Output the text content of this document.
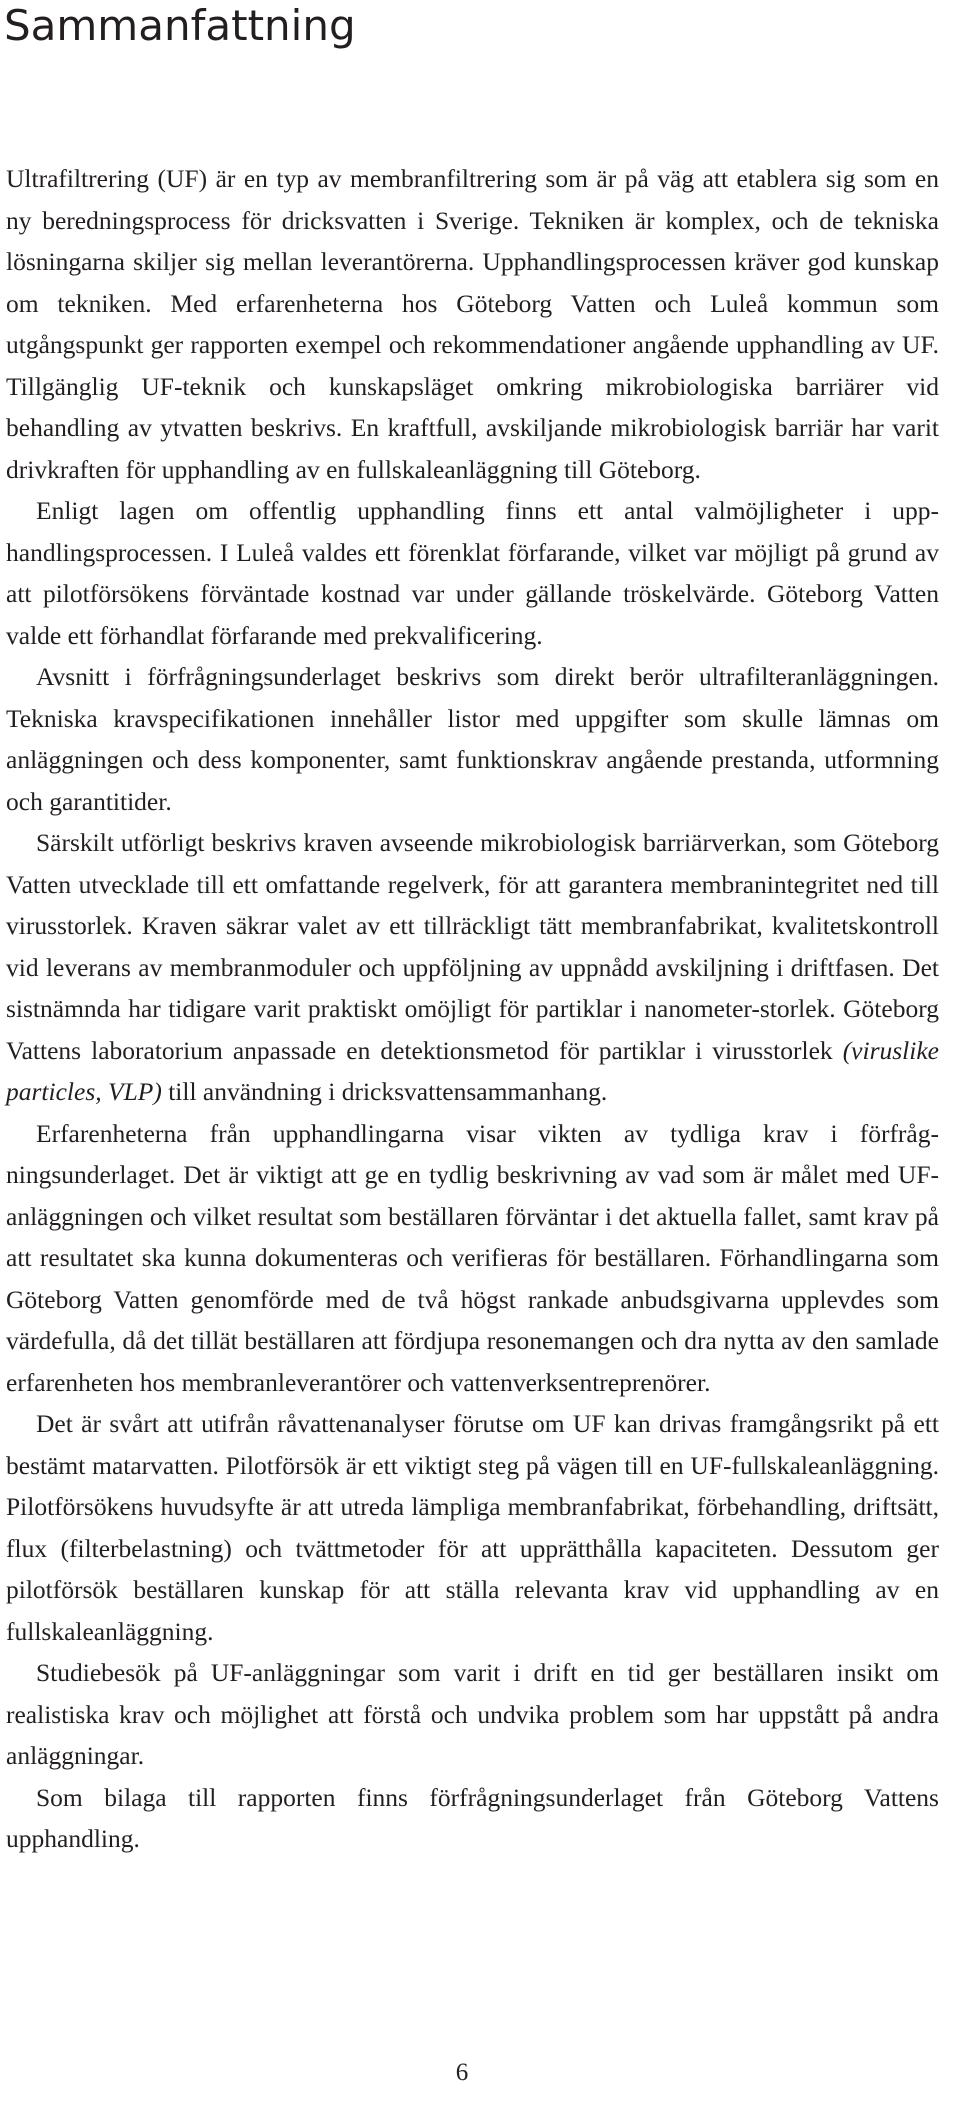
Sammanfattning

Ultrafiltrering (UF) är en typ av membranfiltrering som är på väg att etablera sig som en ny beredningsprocess för dricksvatten i Sverige. Tekniken är komplex, och de tekniska lösningarna skiljer sig mellan leverantörerna. Upphandlingsprocessen kräver god kunskap om tekniken. Med erfarenheterna hos Göteborg Vatten och Luleå kommun som utgångspunkt ger rapporten exempel och rekommendationer angående upphandling av UF. Tillgänglig UF-teknik och kunskapsläget omkring mikrobiologiska barriärer vid behandling av ytvatten beskrivs. En kraftfull, avskiljande mikrobiologisk barriär har varit drivkraften för upphandling av en fullskaleanläggning till Göteborg.

Enligt lagen om offentlig upphandling finns ett antal valmöjligheter i upphandlingsprocessen. I Luleå valdes ett förenklat förfarande, vilket var möjligt på grund av att pilotförsökens förväntade kostnad var under gällande tröskelvärde. Göteborg Vatten valde ett förhandlat förfarande med prekvalificering.

Avsnitt i förfrågningsunderlaget beskrivs som direkt berör ultrafilteranläggningen. Tekniska kravspecifikationen innehåller listor med uppgifter som skulle lämnas om anläggningen och dess komponenter, samt funktionskrav angående prestanda, utformning och garantitider.

Särskilt utförligt beskrivs kraven avseende mikrobiologisk barriärverkan, som Göteborg Vatten utvecklade till ett omfattande regelverk, för att garantera membranintegritet ned till virusstorlek. Kraven säkrar valet av ett tillräckligt tätt membranfabrikat, kvalitetskontroll vid leverans av membranmoduler och uppföljning av uppnådd avskiljning i driftfasen. Det sistnämnda har tidigare varit praktiskt omöjligt för partiklar i nanometer-storlek. Göteborg Vattens laboratorium anpassade en detektionsmetod för partiklar i virusstorlek (viruslike particles, VLP) till användning i dricksvattensammanhang.

Erfarenheterna från upphandlingarna visar vikten av tydliga krav i förfrågningsunderlaget. Det är viktigt att ge en tydlig beskrivning av vad som är målet med UF-anläggningen och vilket resultat som beställaren förväntar i det aktuella fallet, samt krav på att resultatet ska kunna dokumenteras och verifieras för beställaren. Förhandlingarna som Göteborg Vatten genomförde med de två högst rankade anbudsgivarna upplevdes som värdefulla, då det tillät beställaren att fördjupa resonemangen och dra nytta av den samlade erfarenheten hos membranleverantörer och vattenverksentreprenörer.

Det är svårt att utifrån råvattenanalyser förutse om UF kan drivas framgångsrikt på ett bestämt matarvatten. Pilotförsök är ett viktigt steg på vägen till en UF-fullskaleanläggning. Pilotförsökens huvudsyfte är att utreda lämpliga membranfabrikat, förbehandling, driftsätt, flux (filterbelastning) och tvättmetoder för att upprätthålla kapaciteten. Dessutom ger pilotförsök beställaren kunskap för att ställa relevanta krav vid upphandling av en fullskaleanläggning.

Studiebesök på UF-anläggningar som varit i drift en tid ger beställaren insikt om realistiska krav och möjlighet att förstå och undvika problem som har uppstått på andra anläggningar.

Som bilaga till rapporten finns förfrågningsunderlaget från Göteborg Vattens upphandling.

6
